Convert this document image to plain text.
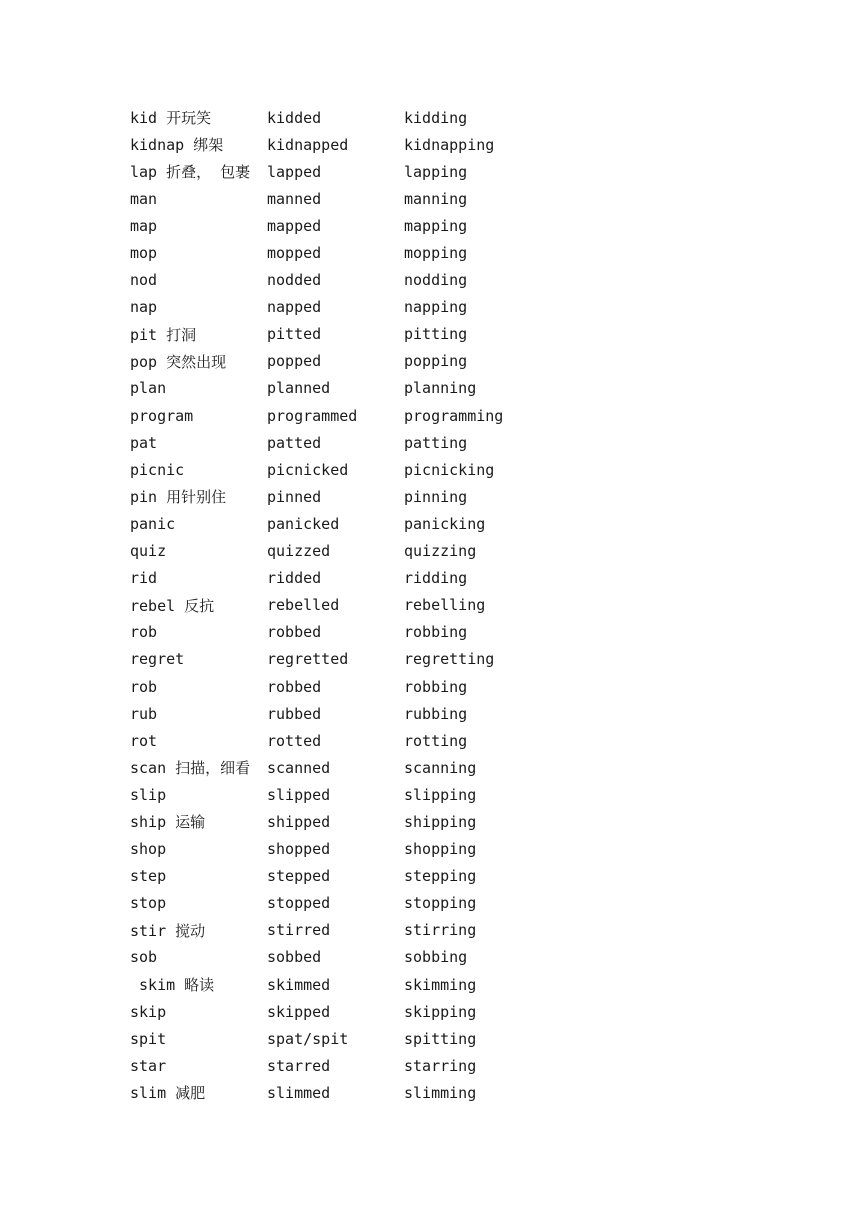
kid 开玩笑	kidded	kidding
kidnap 绑架	kidnapped	kidnapping
lap 折叠， 包裹	lapped	lapping
man	manned	manning
map	mapped	mapping
mop	mopped	mopping
nod	nodded	nodding
nap	napped	napping
pit 打洞	pitted	pitting
pop 突然出现	popped	popping
plan	planned	planning
program	programmed	programming
pat	patted	patting
picnic	picnicked	picnicking
pin 用针别住	pinned	pinning
panic	panicked	panicking
quiz	quizzed	quizzing
rid	ridded	ridding
rebel 反抗	rebelled	rebelling
rob	robbed	robbing
regret	regretted	regretting
rob	robbed	robbing
rub	rubbed	rubbing
rot	rotted	rotting
scan 扫描，细看	scanned	scanning
slip	slipped	slipping
ship 运输	shipped	shipping
shop	shopped	shopping
step	stepped	stepping
stop	stopped	stopping
stir 搅动	stirred	stirring
sob	sobbed	sobbing
skim 略读	skimmed	skimming
skip	skipped	skipping
spit	spat/spit	spitting
star	starred	starring
slim 减肥	slimmed	slimming
